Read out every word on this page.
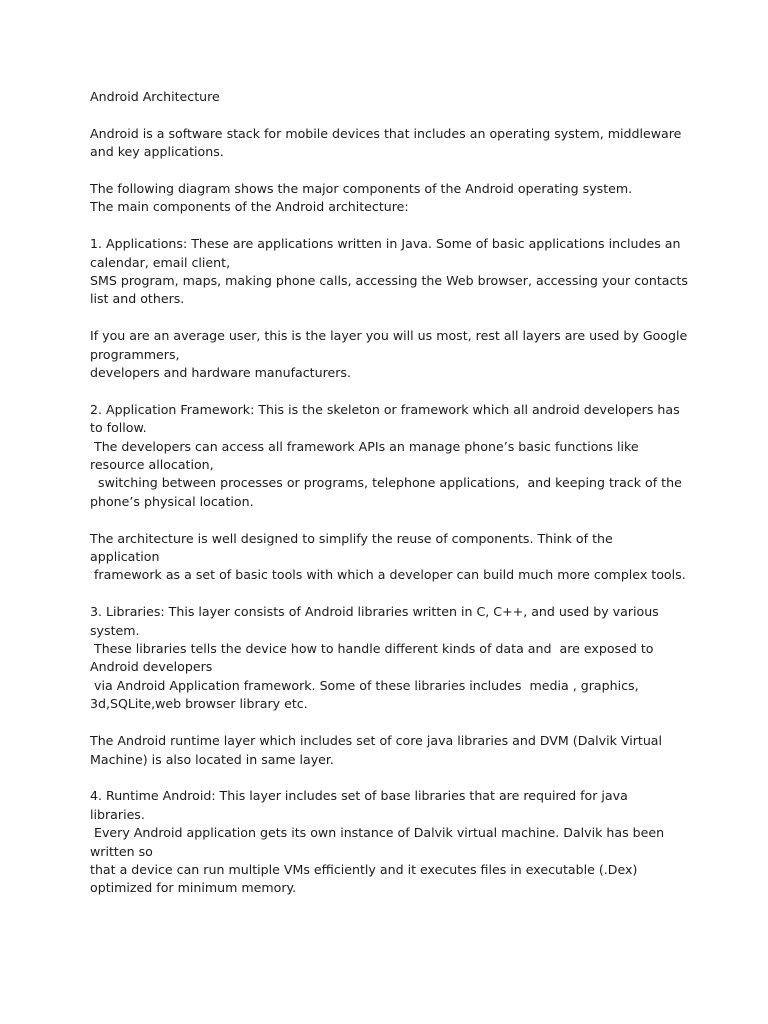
Android Architecture
Android is a software stack for mobile devices that includes an operating system, middleware
and key applications.
The following diagram shows the major components of the Android operating system.
The main components of the Android architecture:
1. Applications: These are applications written in Java. Some of basic applications includes an
calendar, email client,
SMS program, maps, making phone calls, accessing the Web browser, accessing your contacts
list and others.
If you are an average user, this is the layer you will us most, rest all layers are used by Google
programmers,
developers and hardware manufacturers.
2. Application Framework: This is the skeleton or framework which all android developers has
to follow.
The developers can access all framework APIs an manage phone’s basic functions like
resource allocation,
switching between processes or programs, telephone applications,  and keeping track of the
phone’s physical location.
The architecture is well designed to simplify the reuse of components. Think of the
application
framework as a set of basic tools with which a developer can build much more complex tools.
3. Libraries: This layer consists of Android libraries written in C, C++, and used by various
system.
These libraries tells the device how to handle different kinds of data and  are exposed to
Android developers
via Android Application framework. Some of these libraries includes  media , graphics,
3d,SQLite,web browser library etc.
The Android runtime layer which includes set of core java libraries and DVM (Dalvik Virtual
Machine) is also located in same layer.
4. Runtime Android: This layer includes set of base libraries that are required for java
libraries.
Every Android application gets its own instance of Dalvik virtual machine. Dalvik has been
written so
that a device can run multiple VMs efficiently and it executes files in executable (.Dex)
optimized for minimum memory.
